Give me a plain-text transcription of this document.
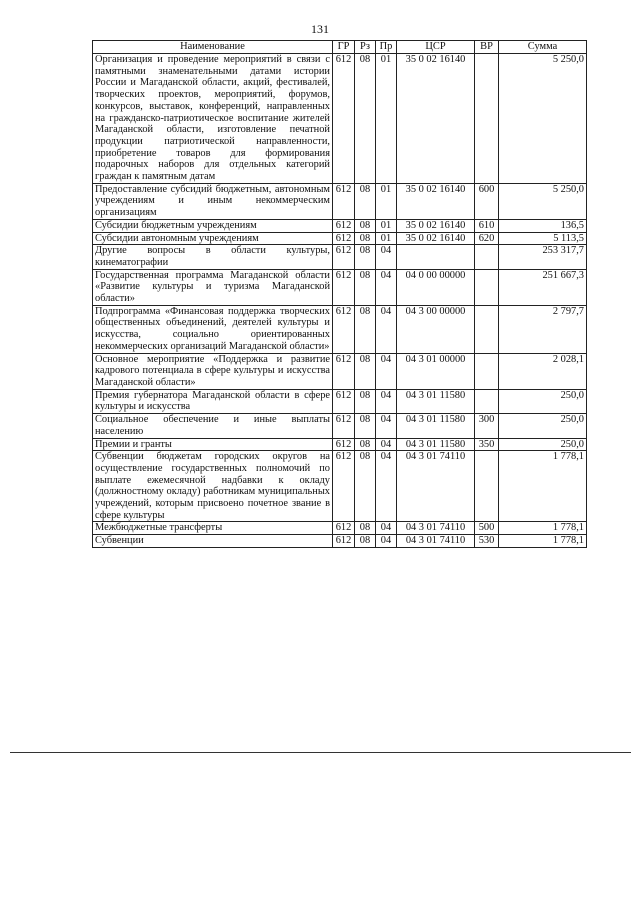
131
Наименование	ГР	Рз	Пр	ЦСР	ВР	Сумма
Организация и проведение мероприятий в связи с памятными знаменательными датами истории России и Магаданской области, акций, фестивалей, творческих проектов, мероприятий, форумов, конкурсов, выставок, конференций, направленных на гражданско-патриотическое воспитание жителей Магаданской области, изготовление печатной продукции патриотической направленности, приобретение товаров для формирования подарочных наборов для отдельных категорий граждан к памятным датам	612	08	01	35 0 02 16140		5 250,0
Предоставление субсидий бюджетным, автономным учреждениям и иным некоммерческим организациям	612	08	01	35 0 02 16140	600	5 250,0
Субсидии бюджетным учреждениям	612	08	01	35 0 02 16140	610	136,5
Субсидии автономным учреждениям	612	08	01	35 0 02 16140	620	5 113,5
Другие вопросы в области культуры, кинематографии	612	08	04			253 317,7
Государственная программа Магаданской области «Развитие культуры и туризма Магаданской области»	612	08	04	04 0 00 00000		251 667,3
Подпрограмма «Финансовая поддержка творческих общественных объединений, деятелей культуры и искусства, социально ориентированных некоммерческих организаций Магаданской области»	612	08	04	04 3 00 00000		2 797,7
Основное мероприятие «Поддержка и развитие кадрового потенциала в сфере культуры и искусства Магаданской области»	612	08	04	04 3 01 00000		2 028,1
Премия губернатора Магаданской области в сфере культуры и искусства	612	08	04	04 3 01 11580		250,0
Социальное обеспечение и иные выплаты населению	612	08	04	04 3 01 11580	300	250,0
Премии и гранты	612	08	04	04 3 01 11580	350	250,0
Субвенции бюджетам городских округов на осуществление государственных полномочий по выплате ежемесячной надбавки к окладу (должностному окладу) работникам муниципальных учреждений, которым присвоено почетное звание в сфере культуры	612	08	04	04 3 01 74110		1 778,1
Межбюджетные трансферты	612	08	04	04 3 01 74110	500	1 778,1
Субвенции	612	08	04	04 3 01 74110	530	1 778,1
